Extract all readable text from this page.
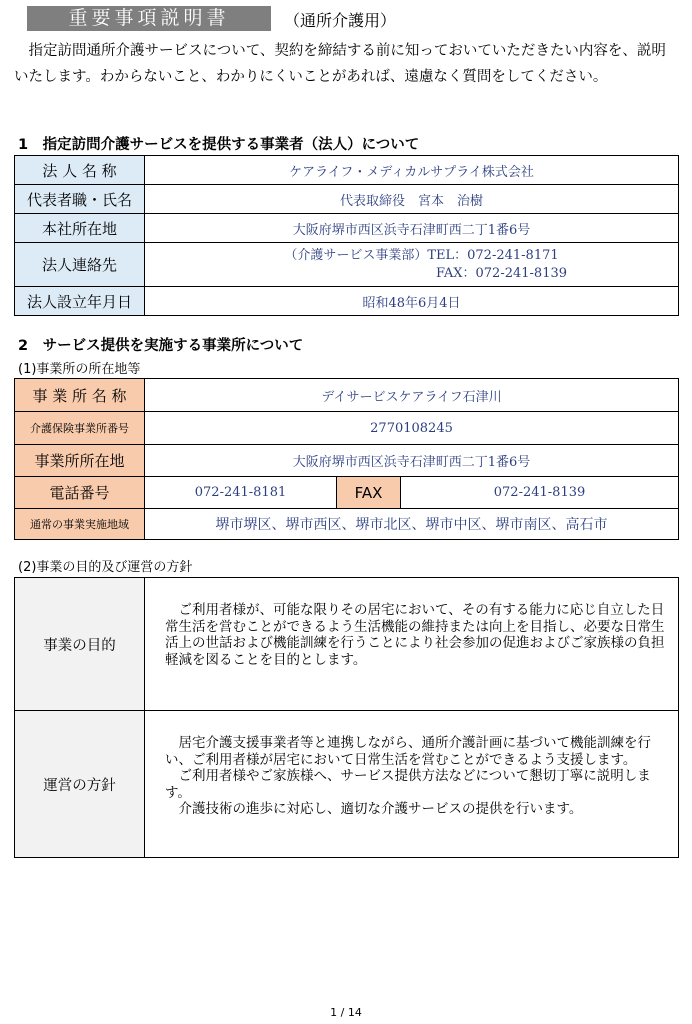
重要事項説明書	（通所介護用）
指定訪問通所介護サービスについて、契約を締結する前に知っておいていただきたい内容を、説明いたします。わからないこと、わかりにくいことがあれば、遠慮なく質問をしてください。
1　指定訪問介護サービスを提供する事業者（法人）について
法 人 名 称	ケアライフ・メディカルサプライ株式会社
代表者職・氏名	代表取締役　宮本　治樹
本社所在地	大阪府堺市西区浜寺石津町西二丁1番6号
法人連絡先	（介護サービス事業部）TEL：072-241-8171
FAX：072-241-8139

法人設立年月日	昭和48年6月4日
2　サービス提供を実施する事業所について
(1)事業所の所在地等
事 業 所 名 称	デイサービスケアライフ石津川		
介護保険事業所番号	2770108245		
事業所所在地	大阪府堺市西区浜寺石津町西二丁1番6号		
電話番号	072-241-8181	FAX	072-241-8139
通常の事業実施地域	堺市堺区、堺市西区、堺市北区、堺市中区、堺市南区、高石市		
(2)事業の目的及び運営の方針
事業の目的	ご利用者様が、可能な限りその居宅において、その有する能力に応じ自立した日常生活を営むことができるよう生活機能の維持または向上を目指し、必要な日常生活上の世話および機能訓練を行うことにより社会参加の促進およびご家族様の負担軽減を図ることを目的とします。

運営の方針	居宅介護支援事業者等と連携しながら、通所介護計画に基づいて機能訓練を行い、ご利用者様が居宅において日常生活を営むことができるよう支援します。
ご利用者様やご家族様へ、サービス提供方法などについて懇切丁寧に説明します。
介護技術の進歩に対応し、適切な介護サービスの提供を行います。
1 / 14
